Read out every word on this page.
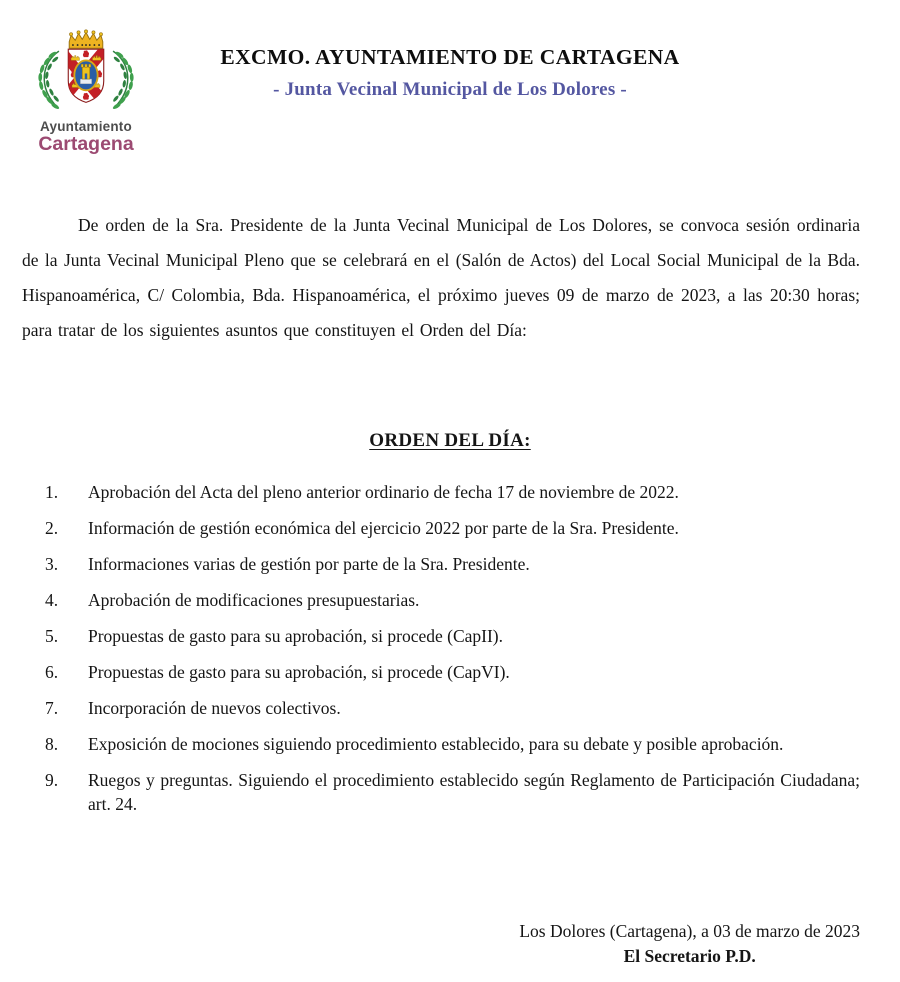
Ayuntamiento
Cartagena
EXCMO. AYUNTAMIENTO DE CARTAGENA
- Junta Vecinal Municipal de Los Dolores -

De orden de la Sra. Presidente de la Junta Vecinal Municipal de Los Dolores, se convoca sesión ordinaria de la Junta Vecinal Municipal Pleno que se celebrará en el (Salón de Actos) del Local Social Municipal de la Bda. Hispanoamérica, C/ Colombia, Bda. Hispanoamérica, el próximo jueves 09 de marzo de 2023, a las 20:30 horas; para tratar de los siguientes asuntos que constituyen el Orden del Día:

ORDEN DEL DÍA:
1. Aprobación del Acta del pleno anterior ordinario de fecha 17 de noviembre de 2022.
2. Información de gestión económica del ejercicio 2022 por parte de la Sra. Presidente.
3. Informaciones varias de gestión por parte de la Sra. Presidente.
4. Aprobación de modificaciones presupuestarias.
5. Propuestas de gasto para su aprobación, si procede (CapII).
6. Propuestas de gasto para su aprobación, si procede (CapVI).
7. Incorporación de nuevos colectivos.
8. Exposición de mociones siguiendo procedimiento establecido, para su debate y posible aprobación.
9. Ruegos y preguntas. Siguiendo el procedimiento establecido según Reglamento de Participación Ciudadana; art. 24.
Los Dolores (Cartagena), a 03 de marzo de 2023
El Secretario P.D.
